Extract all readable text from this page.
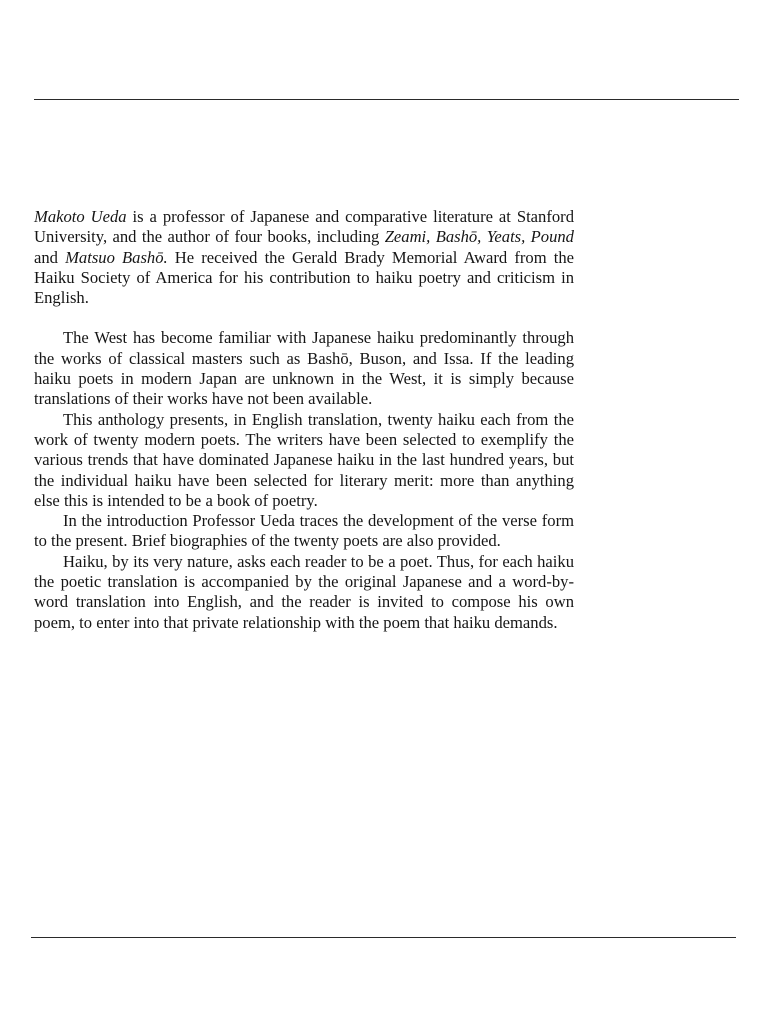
Makoto Ueda is a professor of Japanese and comparative literature at Stanford University, and the author of four books, including Zeami, Bashō, Yeats, Pound and Matsuo Bashō. He received the Gerald Brady Memorial Award from the Haiku Society of America for his contribution to haiku poetry and criticism in English.

The West has become familiar with Japanese haiku predominantly through the works of classical masters such as Bashō, Buson, and Issa. If the leading haiku poets in modern Japan are unknown in the West, it is simply because translations of their works have not been available.

This anthology presents, in English translation, twenty haiku each from the work of twenty modern poets. The writers have been selected to exemplify the various trends that have dominated Japanese haiku in the last hundred years, but the individual haiku have been selected for literary merit: more than anything else this is intended to be a book of poetry.

In the introduction Professor Ueda traces the development of the verse form to the present. Brief biographies of the twenty poets are also provided.

Haiku, by its very nature, asks each reader to be a poet. Thus, for each haiku the poetic translation is accompanied by the original Japanese and a word-by-word translation into English, and the reader is invited to compose his own poem, to enter into that private relationship with the poem that haiku demands.
